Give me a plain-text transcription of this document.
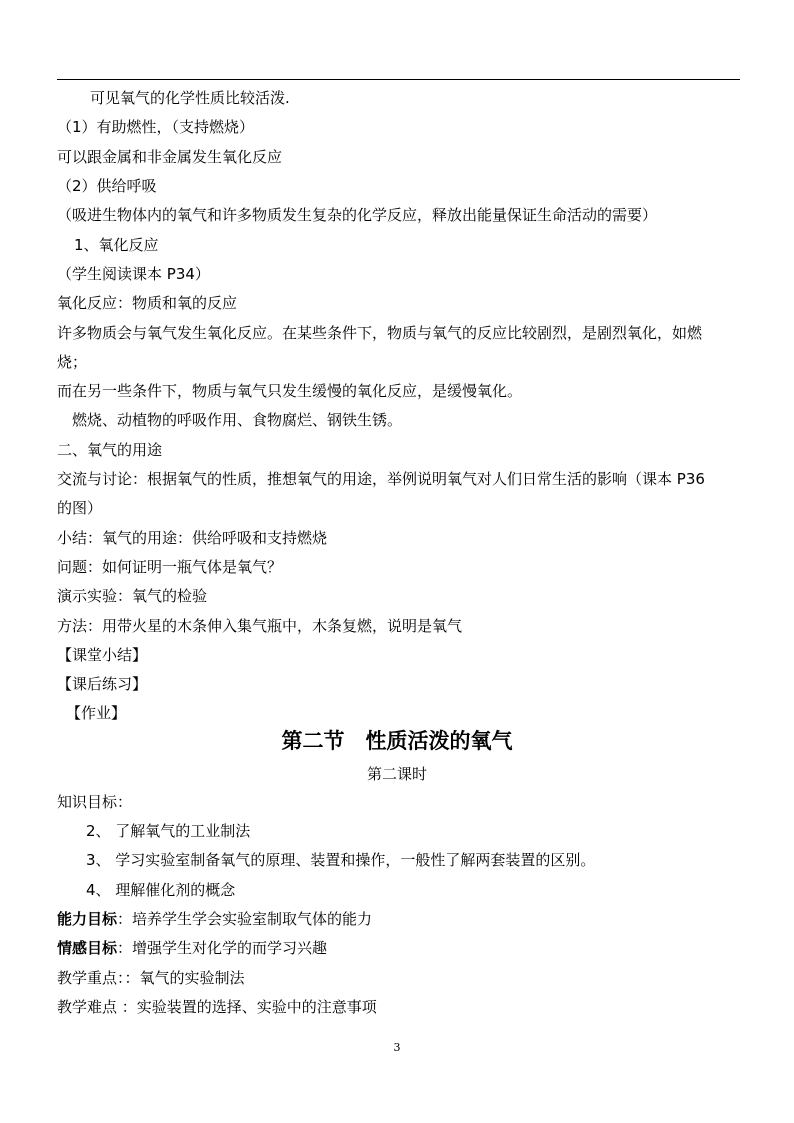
可见氧气的化学性质比较活泼.

（1）有助燃性，（支持燃烧）

可以跟金属和非金属发生氧化反应

（2）供给呼吸

（吸进生物体内的氧气和许多物质发生复杂的化学反应，释放出能量保证生命活动的需要）

1、氧化反应

（学生阅读课本 P34）

氧化反应：物质和氧的反应

许多物质会与氧气发生氧化反应。在某些条件下，物质与氧气的反应比较剧烈，是剧烈氧化，如燃

烧；

而在另一些条件下，物质与氧气只发生缓慢的氧化反应，是缓慢氧化。

燃烧、动植物的呼吸作用、食物腐烂、钢铁生锈。

二、氧气的用途

交流与讨论：根据氧气的性质，推想氧气的用途，举例说明氧气对人们日常生活的影响（课本 P36

的图）

小结：氧气的用途：供给呼吸和支持燃烧

问题：如何证明一瓶气体是氧气？

演示实验：氧气的检验

方法：用带火星的木条伸入集气瓶中，木条复燃，说明是氧气

【课堂小结】

【课后练习】

【作业】

第二节　性质活泼的氧气

第二课时

知识目标：

2、 了解氧气的工业制法

3、 学习实验室制备氧气的原理、装置和操作，一般性了解两套装置的区别。

4、 理解催化剂的概念

能力目标：培养学生学会实验室制取气体的能力

情感目标：增强学生对化学的而学习兴趣

教学重点：：氧气的实验制法

教学难点 ：实验装置的选择、实验中的注意事项

3
